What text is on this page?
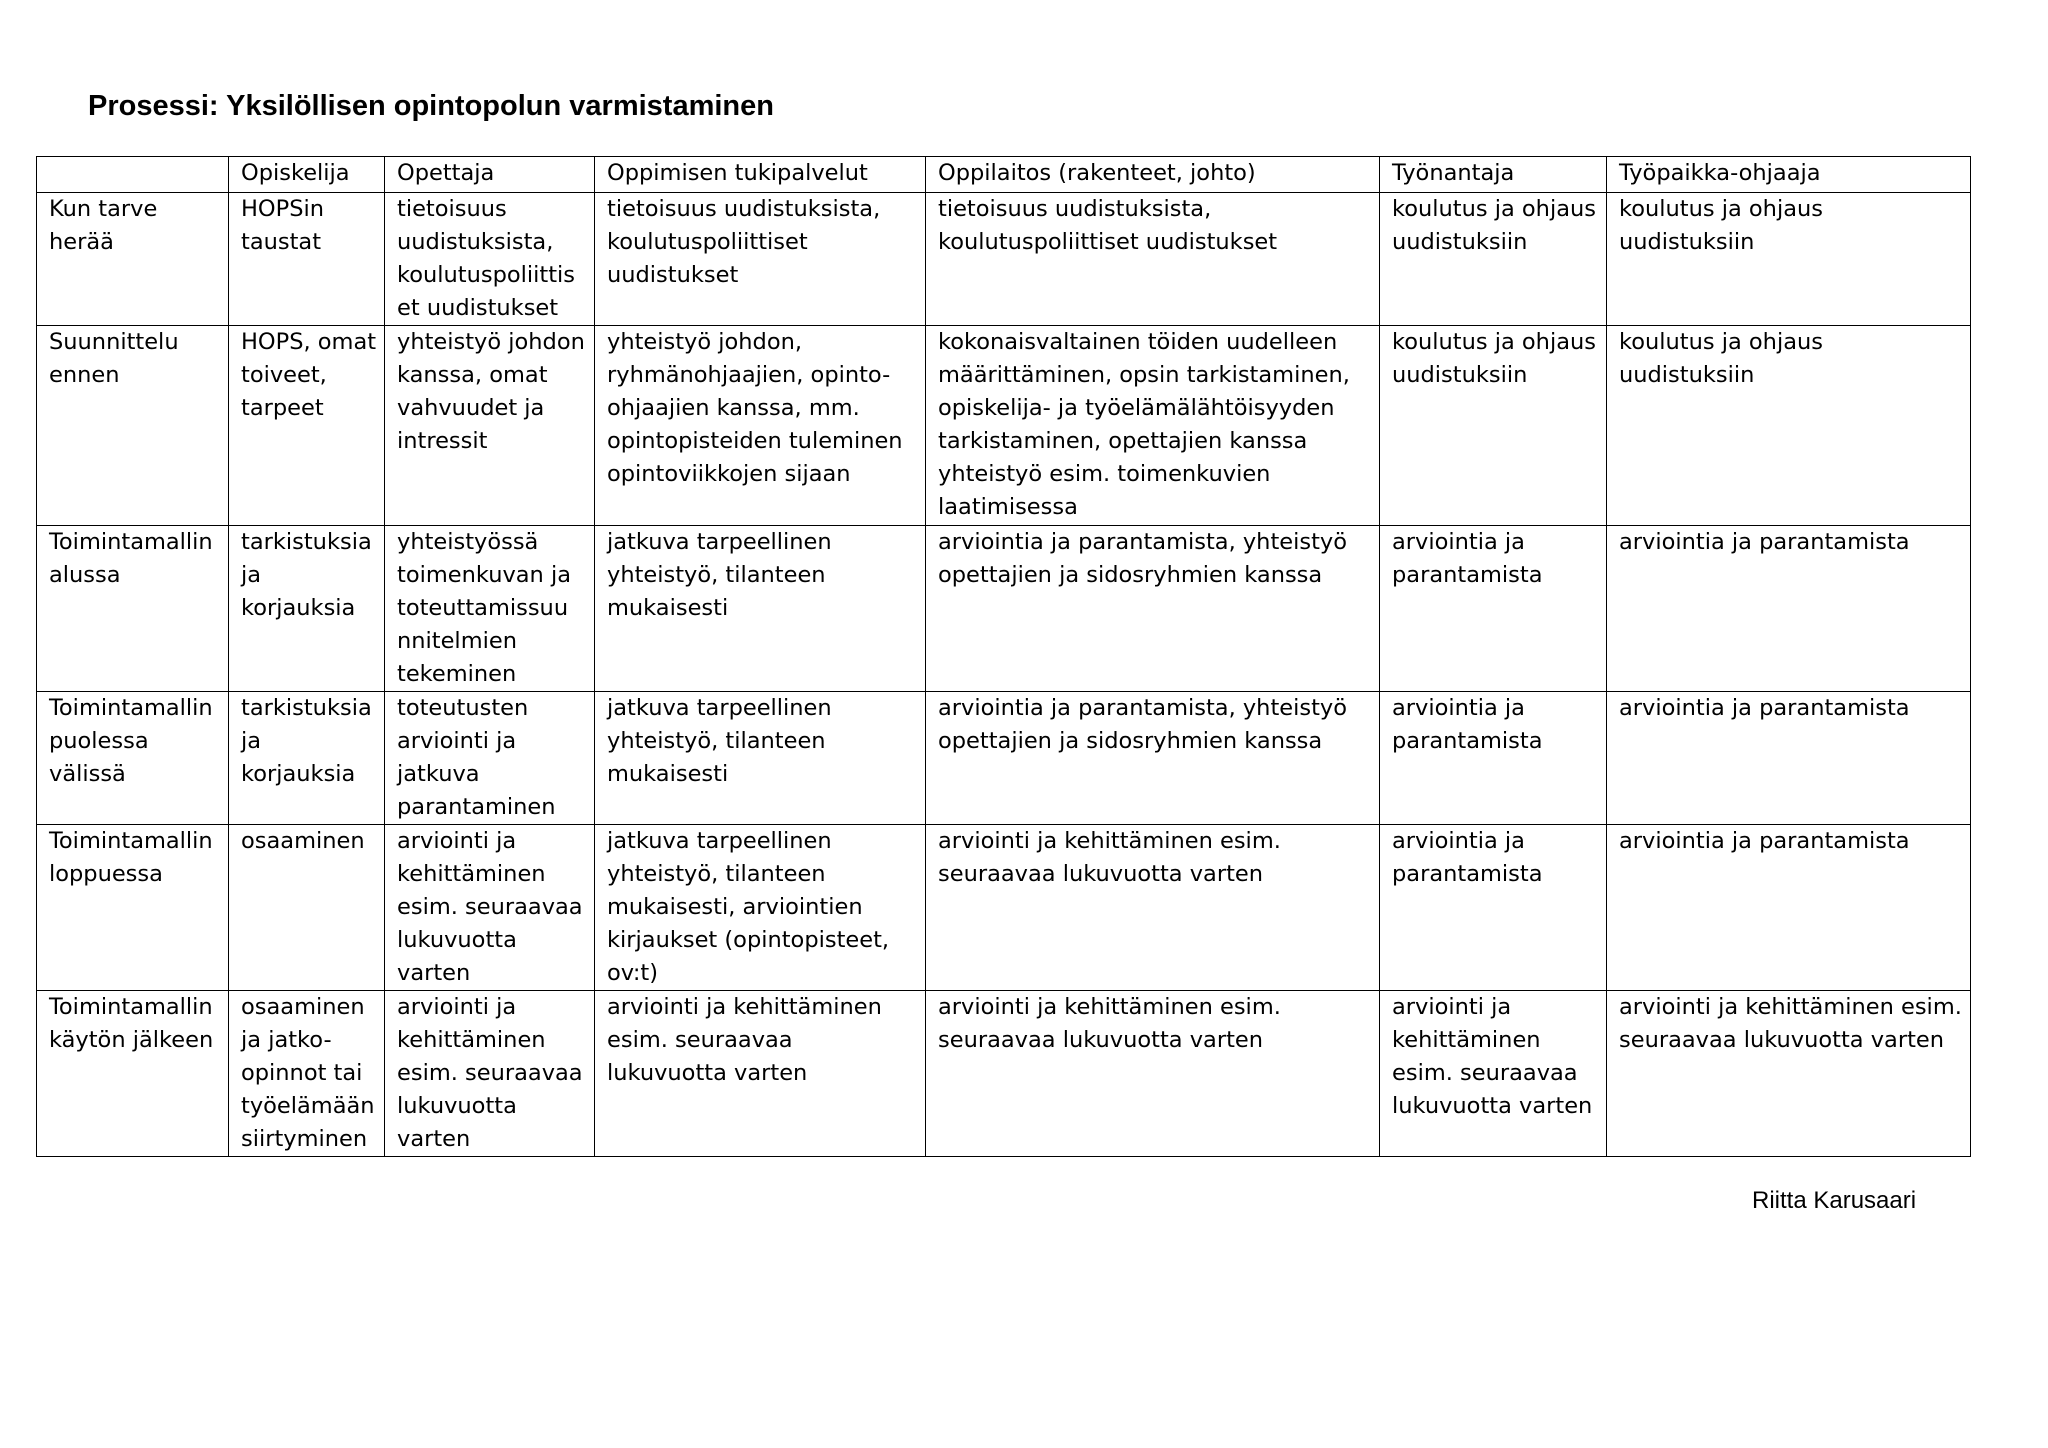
Prosessi: Yksilöllisen opintopolun varmistaminen
	Opiskelija	Opettaja	Oppimisen tukipalvelut	Oppilaitos (rakenteet, johto)	Työnantaja	Työpaikka-ohjaaja
Kun tarve herää	HOPSin taustat	tietoisuus uudistuksista, koulutuspoliittis et uudistukset	tietoisuus uudistuksista, koulutuspoliittiset uudistukset	tietoisuus uudistuksista, koulutuspoliittiset uudistukset	koulutus ja ohjaus uudistuksiin	koulutus ja ohjaus uudistuksiin
Suunnittelu ennen	HOPS, omat toiveet, tarpeet	yhteistyö johdon kanssa, omat vahvuudet ja intressit	yhteistyö johdon, ryhmänohjaajien, opinto-ohjaajien kanssa, mm. opintopisteiden tuleminen opintoviikkojen sijaan	kokonaisvaltainen töiden uudelleen määrittäminen, opsin tarkistaminen, opiskelija- ja työelämälähtöisyyden tarkistaminen, opettajien kanssa yhteistyö esim. toimenkuvien laatimisessa	koulutus ja ohjaus uudistuksiin	koulutus ja ohjaus uudistuksiin
Toimintamallin alussa	tarkistuksia ja korjauksia	yhteistyössä toimenkuvan ja toteuttamissuu nnitelmien tekeminen	jatkuva tarpeellinen yhteistyö, tilanteen mukaisesti	arviointia ja parantamista, yhteistyö opettajien ja sidosryhmien kanssa	arviointia ja parantamista	arviointia ja parantamista
Toimintamallin puolessa välissä	tarkistuksia ja korjauksia	toteutusten arviointi ja jatkuva parantaminen	jatkuva tarpeellinen yhteistyö, tilanteen mukaisesti	arviointia ja parantamista, yhteistyö opettajien ja sidosryhmien kanssa	arviointia ja parantamista	arviointia ja parantamista
Toimintamallin loppuessa	osaaminen	arviointi ja kehittäminen esim. seuraavaa lukuvuotta varten	jatkuva tarpeellinen yhteistyö, tilanteen mukaisesti, arviointien kirjaukset (opintopisteet, ov:t)	arviointi ja kehittäminen esim. seuraavaa lukuvuotta varten	arviointia ja parantamista	arviointia ja parantamista
Toimintamallin käytön jälkeen	osaaminen ja jatko-opinnot tai työelämään siirtyminen	arviointi ja kehittäminen esim. seuraavaa lukuvuotta varten	arviointi ja kehittäminen esim. seuraavaa lukuvuotta varten	arviointi ja kehittäminen esim. seuraavaa lukuvuotta varten	arviointi ja kehittäminen esim. seuraavaa lukuvuotta varten	arviointi ja kehittäminen esim. seuraavaa lukuvuotta varten
Riitta Karusaari
